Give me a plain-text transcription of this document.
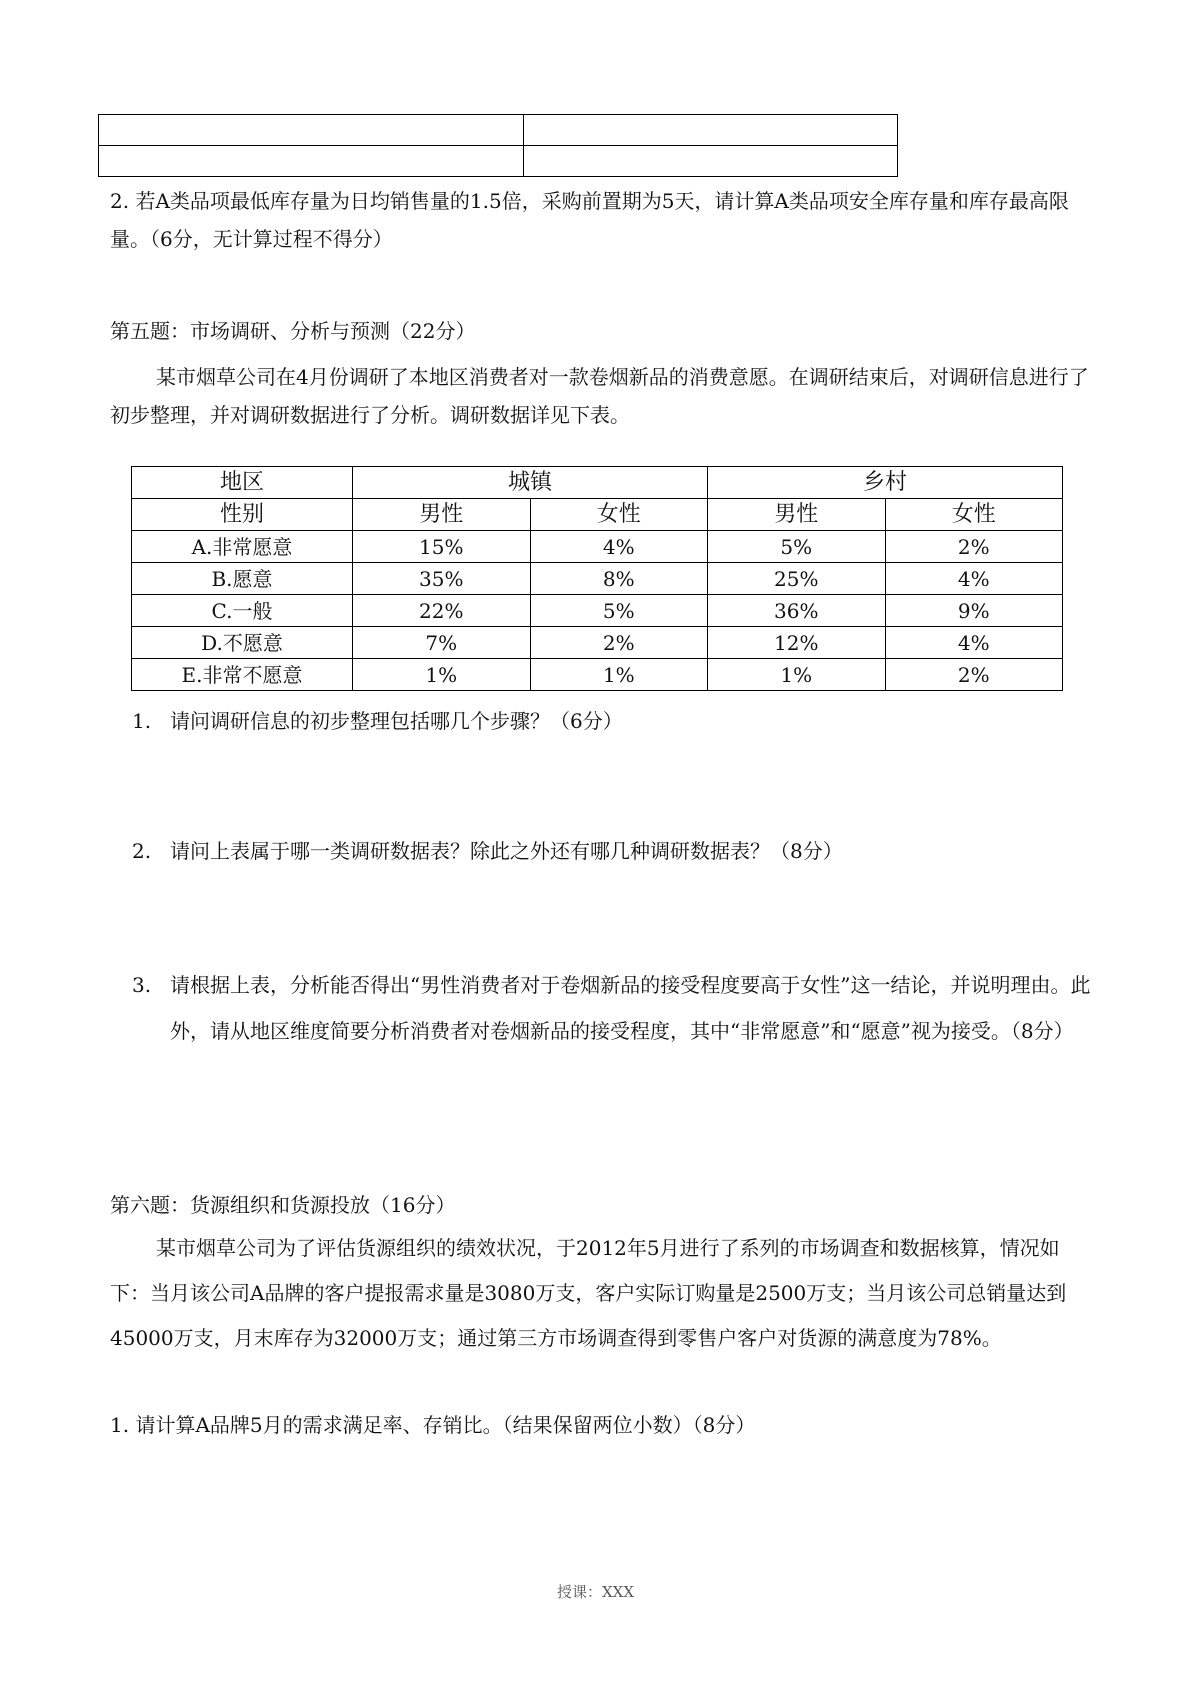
2. 若A类品项最低库存量为日均销售量的1.5倍，采购前置期为5天，请计算A类品项安全库存量和库存最高限量。（6分，无计算过程不得分）

第五题：市场调研、分析与预测（22分）

某市烟草公司在4月份调研了本地区消费者对一款卷烟新品的消费意愿。在调研结束后，对调研信息进行了初步整理，并对调研数据进行了分析。调研数据详见下表。

地区	城镇		乡村	
性别	男性	女性	男性	女性
A.非常愿意	15%	4%	5%	2%
B.愿意	35%	8%	25%	4%
C.一般	22%	5%	36%	9%
D.不愿意	7%	2%	12%	4%
E.非常不愿意	1%	1%	1%	2%
1. 请问调研信息的初步整理包括哪几个步骤？（6分）
2. 请问上表属于哪一类调研数据表？除此之外还有哪几种调研数据表？（8分）
3. 请根据上表，分析能否得出“男性消费者对于卷烟新品的接受程度要高于女性”这一结论，并说明理由。此外，请从地区维度简要分析消费者对卷烟新品的接受程度，其中“非常愿意”和“愿意”视为接受。（8分）
第六题：货源组织和货源投放（16分）

某市烟草公司为了评估货源组织的绩效状况，于2012年5月进行了系列的市场调查和数据核算，情况如下：当月该公司A品牌的客户提报需求量是3080万支，客户实际订购量是2500万支；当月该公司总销量达到45000万支，月末库存为32000万支；通过第三方市场调查得到零售户客户对货源的满意度为78%。

1. 请计算A品牌5月的需求满足率、存销比。（结果保留两位小数）（8分）

授课：XXX
